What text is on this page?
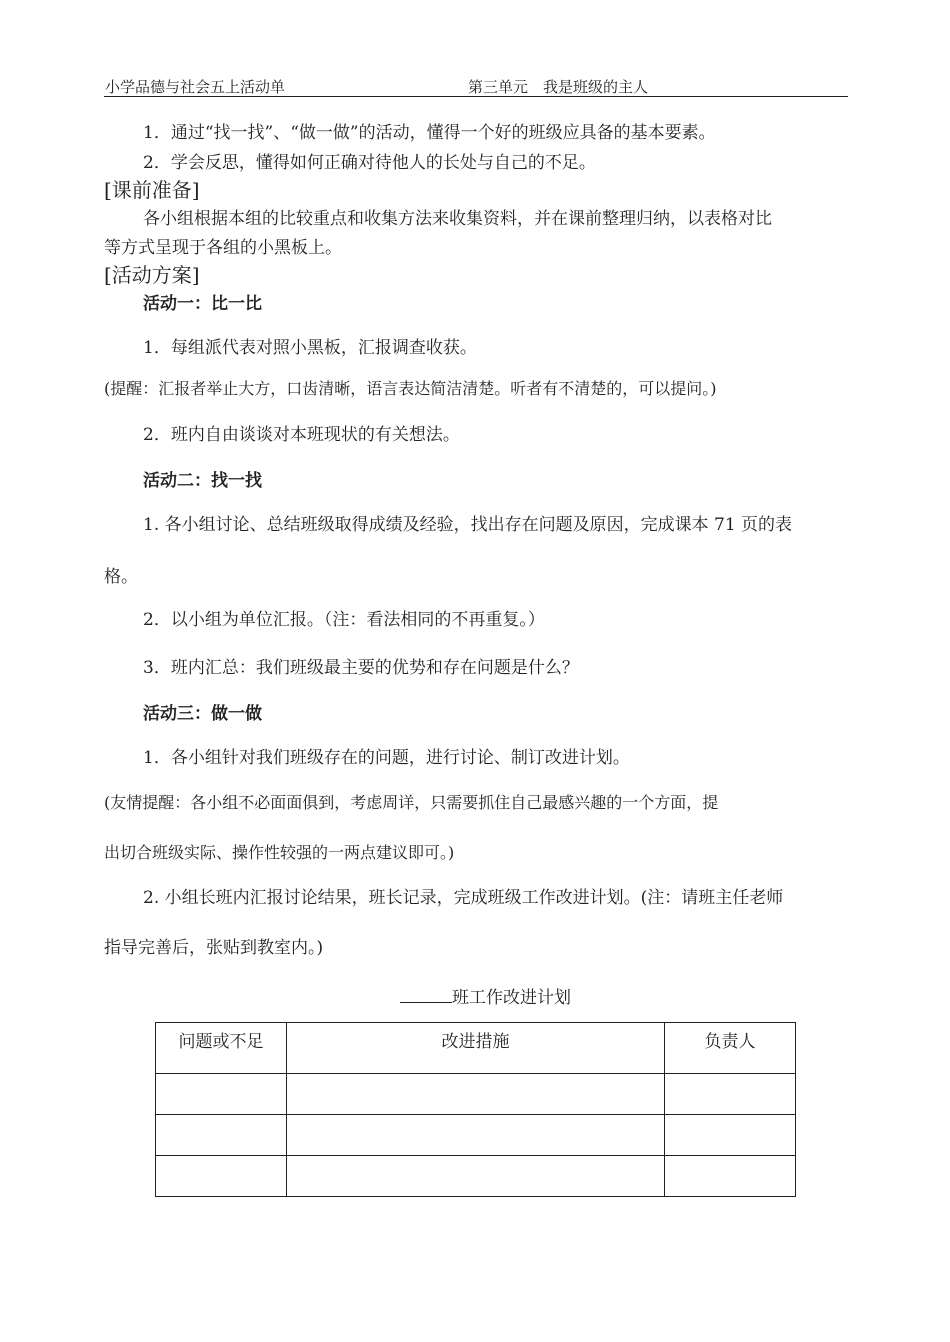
小学品德与社会五上活动单	第三单元　我是班级的主人
1．通过“找一找”、“做一做”的活动，懂得一个好的班级应具备的基本要素。
2．学会反思，懂得如何正确对待他人的长处与自己的不足。
[课前准备]
各小组根据本组的比较重点和收集方法来收集资料，并在课前整理归纳，以表格对比
等方式呈现于各组的小黑板上。
[活动方案]
活动一：比一比
1．每组派代表对照小黑板，汇报调查收获。
(提醒：汇报者举止大方，口齿清晰，语言表达简洁清楚。听者有不清楚的，可以提问。)
2．班内自由谈谈对本班现状的有关想法。
活动二：找一找
1. 各小组讨论、总结班级取得成绩及经验，找出存在问题及原因，完成课本 71 页的表
格。
2．以小组为单位汇报。（注：看法相同的不再重复。）
3．班内汇总：我们班级最主要的优势和存在问题是什么？
活动三：做一做
1．各小组针对我们班级存在的问题，进行讨论、制订改进计划。
(友情提醒：各小组不必面面俱到，考虑周详，只需要抓住自己最感兴趣的一个方面，提
出切合班级实际、操作性较强的一两点建议即可。)
2. 小组长班内汇报讨论结果，班长记录，完成班级工作改进计划。(注：请班主任老师
指导完善后，张贴到教室内。)
班工作改进计划
问题或不足	改进措施	负责人
